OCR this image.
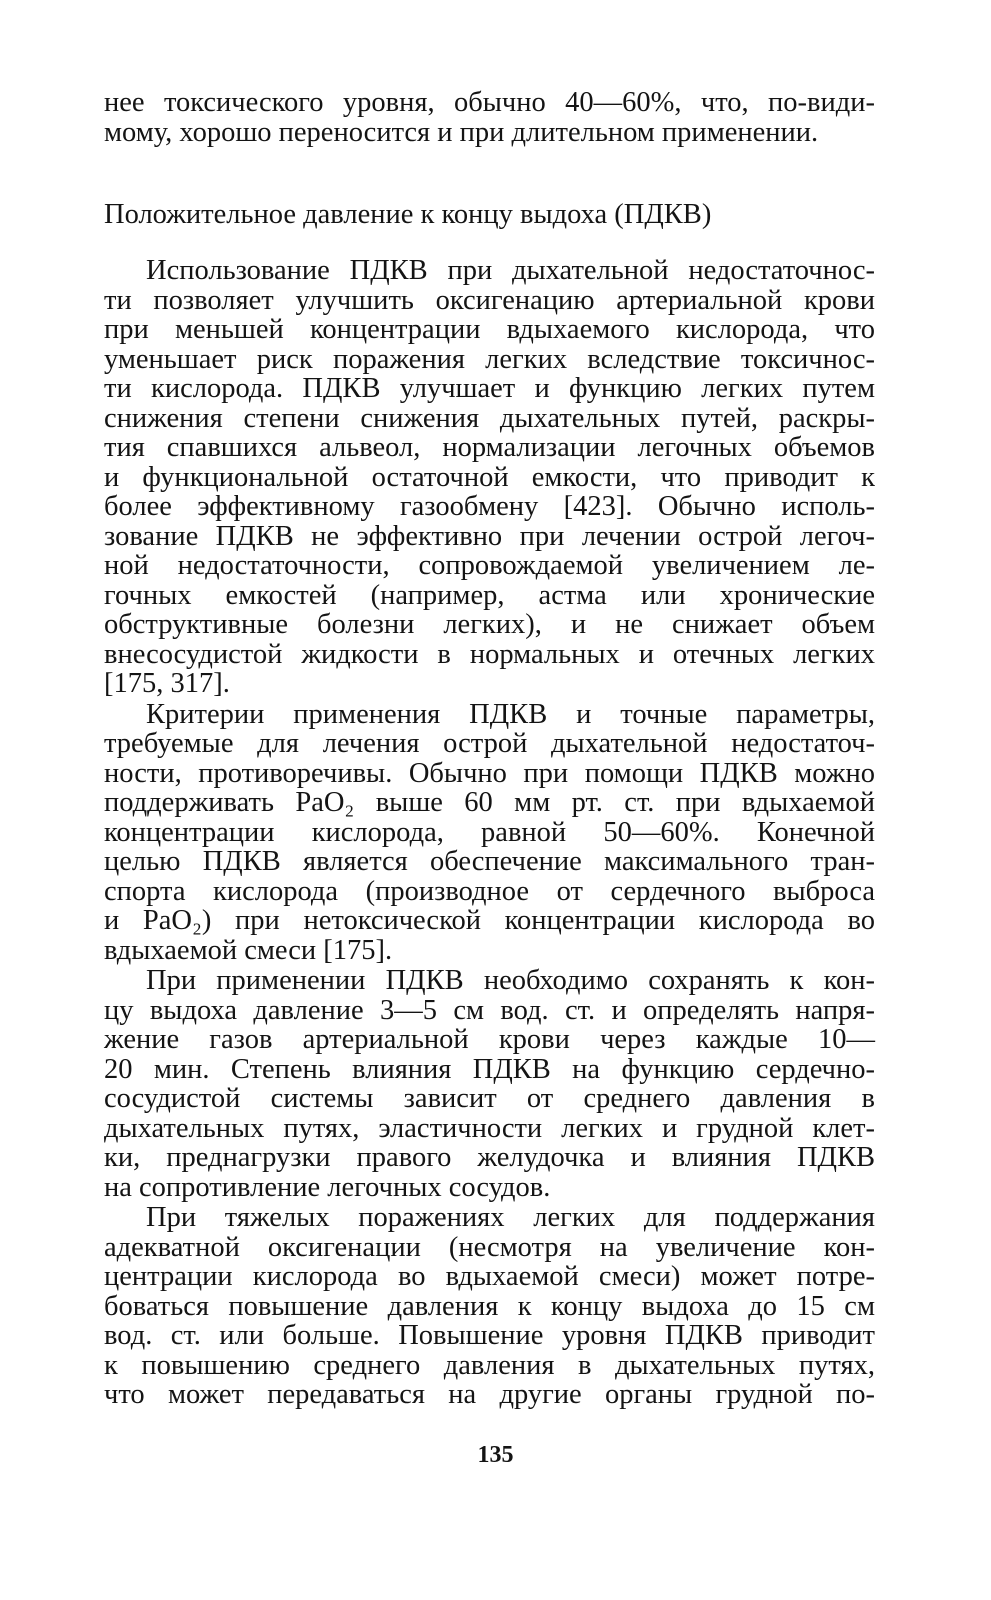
нее токсического уровня, обычно 40—60%, что, по-види-
мому, хорошо переносится и при длительном применении.
Положительное давление к концу выдоха (ПДКВ)
Использование ПДКВ при дыхательной недостаточнос-
ти позволяет улучшить оксигенацию артериальной крови
при меньшей концентрации вдыхаемого кислорода, что
уменьшает риск поражения легких вследствие токсичнос-
ти кислорода. ПДКВ улучшает и функцию легких путем
снижения степени снижения дыхательных путей, раскры-
тия спавшихся альвеол, нормализации легочных объемов
и функциональной остаточной емкости, что приводит к
более эффективному газообмену [423]. Обычно исполь-
зование ПДКВ не эффективно при лечении острой легоч-
ной недостаточности, сопровождаемой увеличением ле-
гочных емкостей (например, астма или хронические
обструктивные болезни легких), и не снижает объем
внесосудистой жидкости в нормальных и отечных легких
[175, 317].
Критерии применения ПДКВ и точные параметры,
требуемые для лечения острой дыхательной недостаточ-
ности, противоречивы. Обычно при помощи ПДКВ можно
поддерживать PaO₂ выше 60 мм рт. ст. при вдыхаемой
концентрации кислорода, равной 50—60%. Конечной
целью ПДКВ является обеспечение максимального тран-
спорта кислорода (производное от сердечного выброса
и PaO₂) при нетоксической концентрации кислорода во
вдыхаемой смеси [175].
При применении ПДКВ необходимо сохранять к кон-
цу выдоха давление 3—5 см вод. ст. и определять напря-
жение газов артериальной крови через каждые 10—
20 мин. Степень влияния ПДКВ на функцию сердечно-
сосудистой системы зависит от среднего давления в
дыхательных путях, эластичности легких и грудной клет-
ки, преднагрузки правого желудочка и влияния ПДКВ
на сопротивление легочных сосудов.
При тяжелых поражениях легких для поддержания
адекватной оксигенации (несмотря на увеличение кон-
центрации кислорода во вдыхаемой смеси) может потре-
боваться повышение давления к концу выдоха до 15 см
вод. ст. или больше. Повышение уровня ПДКВ приводит
к повышению среднего давления в дыхательных путях,
что может передаваться на другие органы грудной по-
135
